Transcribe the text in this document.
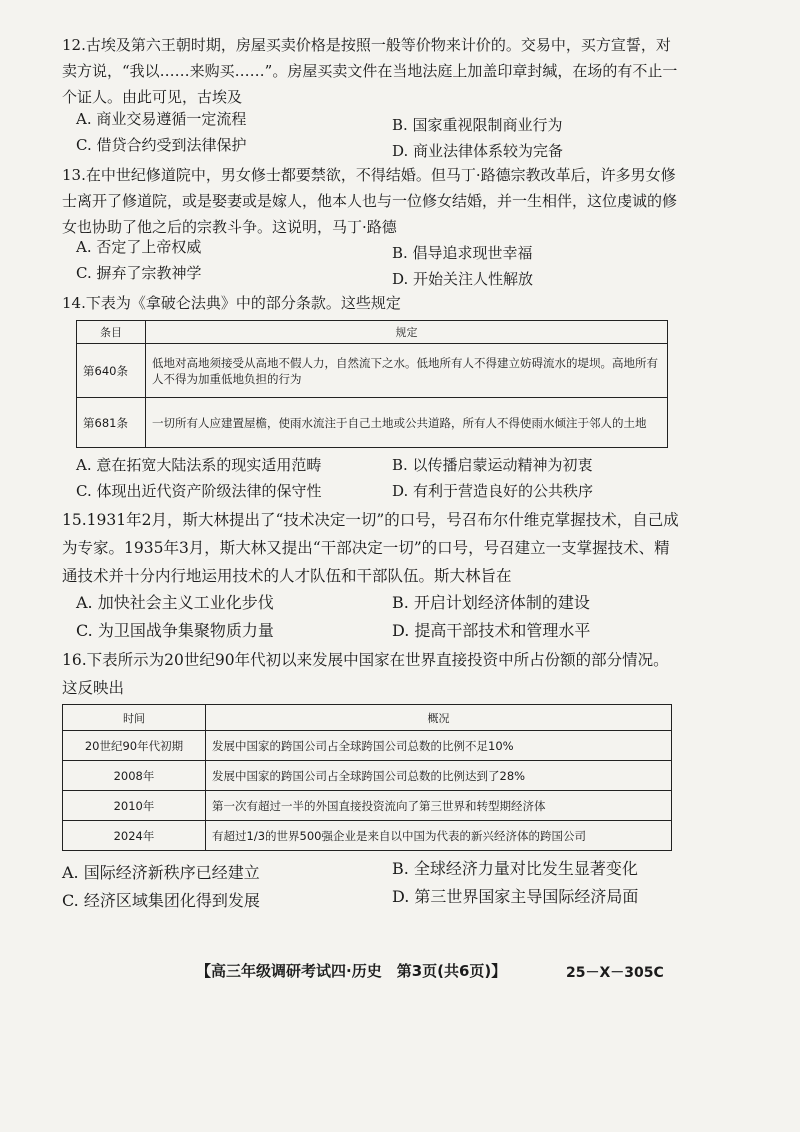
12.古埃及第六王朝时期，房屋买卖价格是按照一般等价物来计价的。交易中，买方宣誓，对卖方说，“我以……来购买……”。房屋买卖文件在当地法庭上加盖印章封缄，在场的有不止一个证人。由此可见，古埃及
A. 商业交易遵循一定流程	B. 国家重视限制商业行为
C. 借贷合约受到法律保护	D. 商业法律体系较为完备
13.在中世纪修道院中，男女修士都要禁欲，不得结婚。但马丁·路德宗教改革后，许多男女修士离开了修道院，或是娶妻或是嫁人，他本人也与一位修女结婚，并一生相伴，这位虔诚的修女也协助了他之后的宗教斗争。这说明，马丁·路德
A. 否定了上帝权威	B. 倡导追求现世幸福
C. 摒弃了宗教神学	D. 开始关注人性解放
14.下表为《拿破仑法典》中的部分条款。这些规定
条目	规定
第640条	低地对高地须接受从高地不假人力，自然流下之水。低地所有人不得建立妨碍流水的堤坝。高地所有人不得为加重低地负担的行为
第681条	一切所有人应建置屋檐，使雨水流注于自己土地或公共道路，所有人不得使雨水倾注于邻人的土地
A. 意在拓宽大陆法系的现实适用范畴	B. 以传播启蒙运动精神为初衷
C. 体现出近代资产阶级法律的保守性	D. 有利于营造良好的公共秩序
15.1931年2月，斯大林提出了“技术决定一切”的口号，号召布尔什维克掌握技术，自己成为专家。1935年3月，斯大林又提出“干部决定一切”的口号，号召建立一支掌握技术、精通技术并十分内行地运用技术的人才队伍和干部队伍。斯大林旨在
A. 加快社会主义工业化步伐	B. 开启计划经济体制的建设
C. 为卫国战争集聚物质力量	D. 提高干部技术和管理水平
16.下表所示为20世纪90年代初以来发展中国家在世界直接投资中所占份额的部分情况。这反映出
时间	概况
20世纪90年代初期	发展中国家的跨国公司占全球跨国公司总数的比例不足10%
2008年	发展中国家的跨国公司占全球跨国公司总数的比例达到了28%
2010年	第一次有超过一半的外国直接投资流向了第三世界和转型期经济体
2024年	有超过1/3的世界500强企业是来自以中国为代表的新兴经济体的跨国公司
A. 国际经济新秩序已经建立	B. 全球经济力量对比发生显著变化
C. 经济区域集团化得到发展	D. 第三世界国家主导国际经济局面
【高三年级调研考试四·历史　第3页(共6页)】	25－X－305C
